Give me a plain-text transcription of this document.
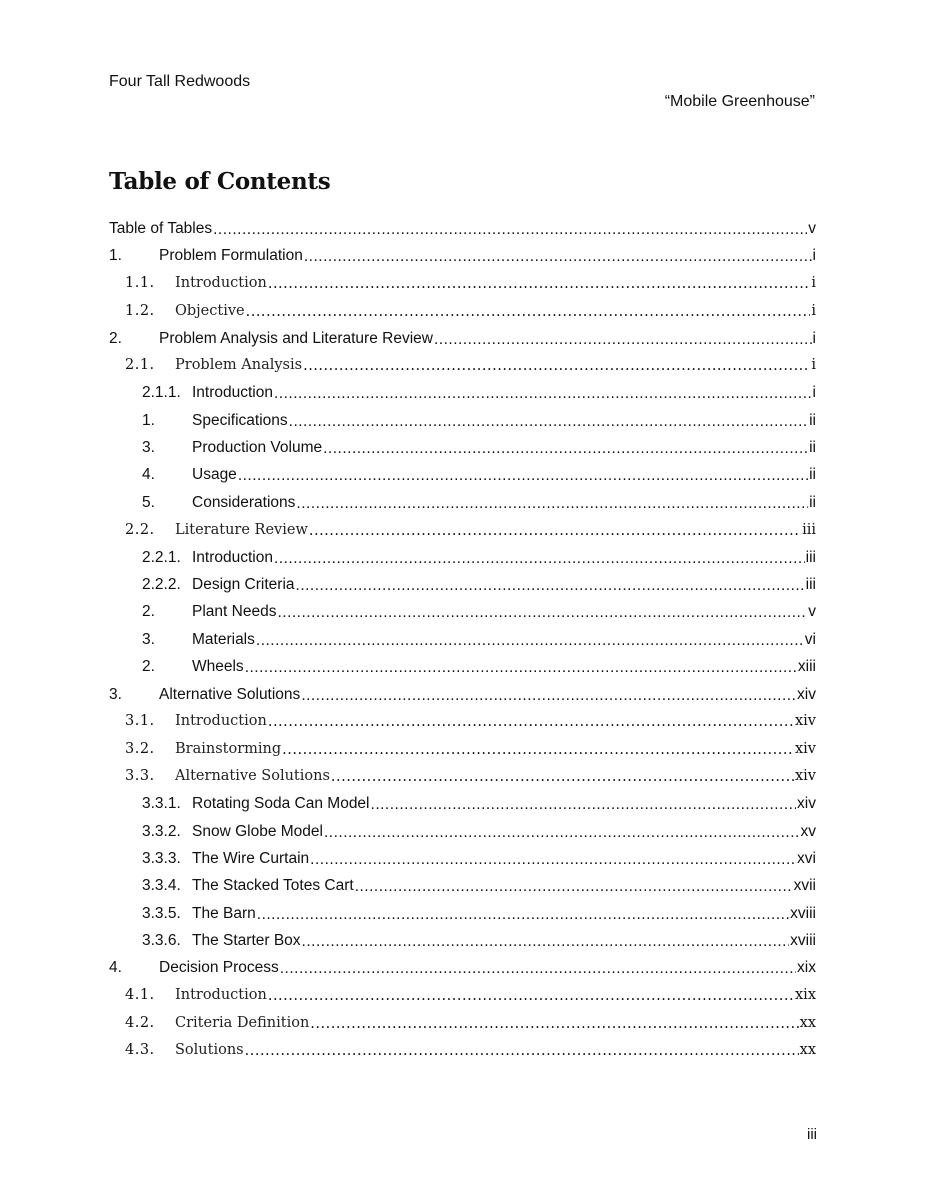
Four Tall Redwoods
“Mobile Greenhouse”
Table of Contents
Table of Tables .....	v
1.	Problem Formulation .....	i
1.1.	Introduction .....	i
1.2.	Objective .....	i
2.	Problem Analysis and Literature Review .....	i
2.1.	Problem Analysis .....	i
2.1.1. Introduction .....	i
1.	Specifications .....	ii
3.	Production Volume .....	ii
4.	Usage .....	ii
5.	Considerations .....	ii
2.2.	Literature Review .....	iii
2.2.1. Introduction .....	iii
2.2.2. Design Criteria .....	iii
2.	Plant Needs .....	v
3.	Materials .....	vi
2.	Wheels .....	xiii
3.	Alternative Solutions .....	xiv
3.1.	Introduction .....	xiv
3.2.	Brainstorming .....	xiv
3.3.	Alternative Solutions .....	xiv
3.3.1. Rotating Soda Can Model .....	xiv
3.3.2. Snow Globe Model .....	xv
3.3.3. The Wire Curtain .....	xvi
3.3.4. The Stacked Totes Cart .....	xvii
3.3.5. The Barn .....	xviii
3.3.6. The Starter Box .....	xviii
4.	Decision Process .....	xix
4.1.	Introduction .....	xix
4.2.	Criteria Definition .....	xx
4.3.	Solutions .....	xx
iii
